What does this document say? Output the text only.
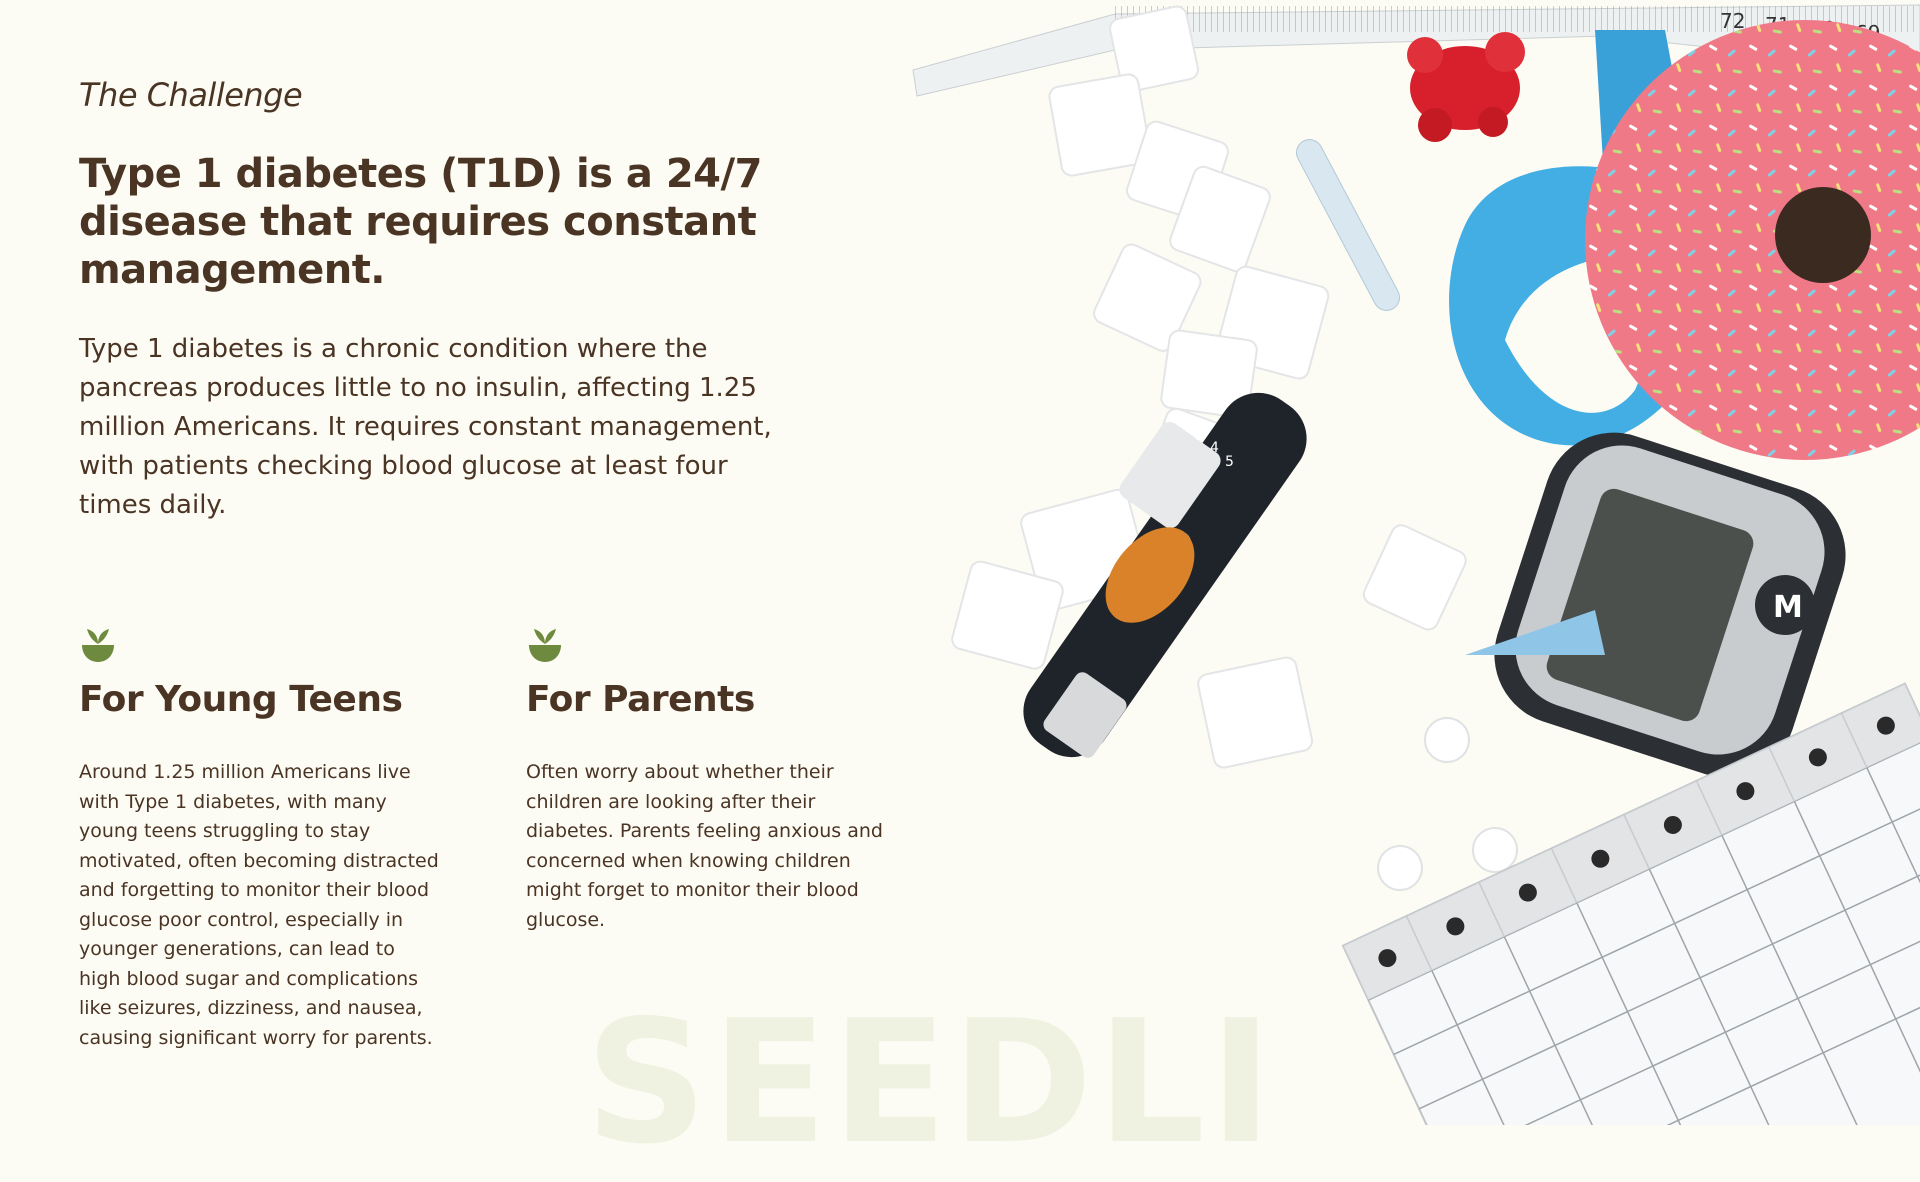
SEEDLI
The Challenge
Type 1 diabetes (T1D) is a 24/7 disease that requires constant management.
Type 1 diabetes is a chronic condition where the pancreas produces little to no insulin, affecting 1.25 million Americans. It requires constant management, with patients checking blood glucose at least four times daily.
For Young Teens
Around 1.25 million Americans live with Type 1 diabetes, with many young teens struggling to stay motivated, often becoming distracted and forgetting to monitor their blood glucose poor control, especially in younger generations, can lead to high blood sugar and complications like seizures, dizziness, and nausea, causing significant worry for parents.
For Parents
Often worry about whether their children are looking after their diabetes. Parents feeling anxious and concerned when knowing children might forget to monitor their blood glucose.
72
M
3
4
5
